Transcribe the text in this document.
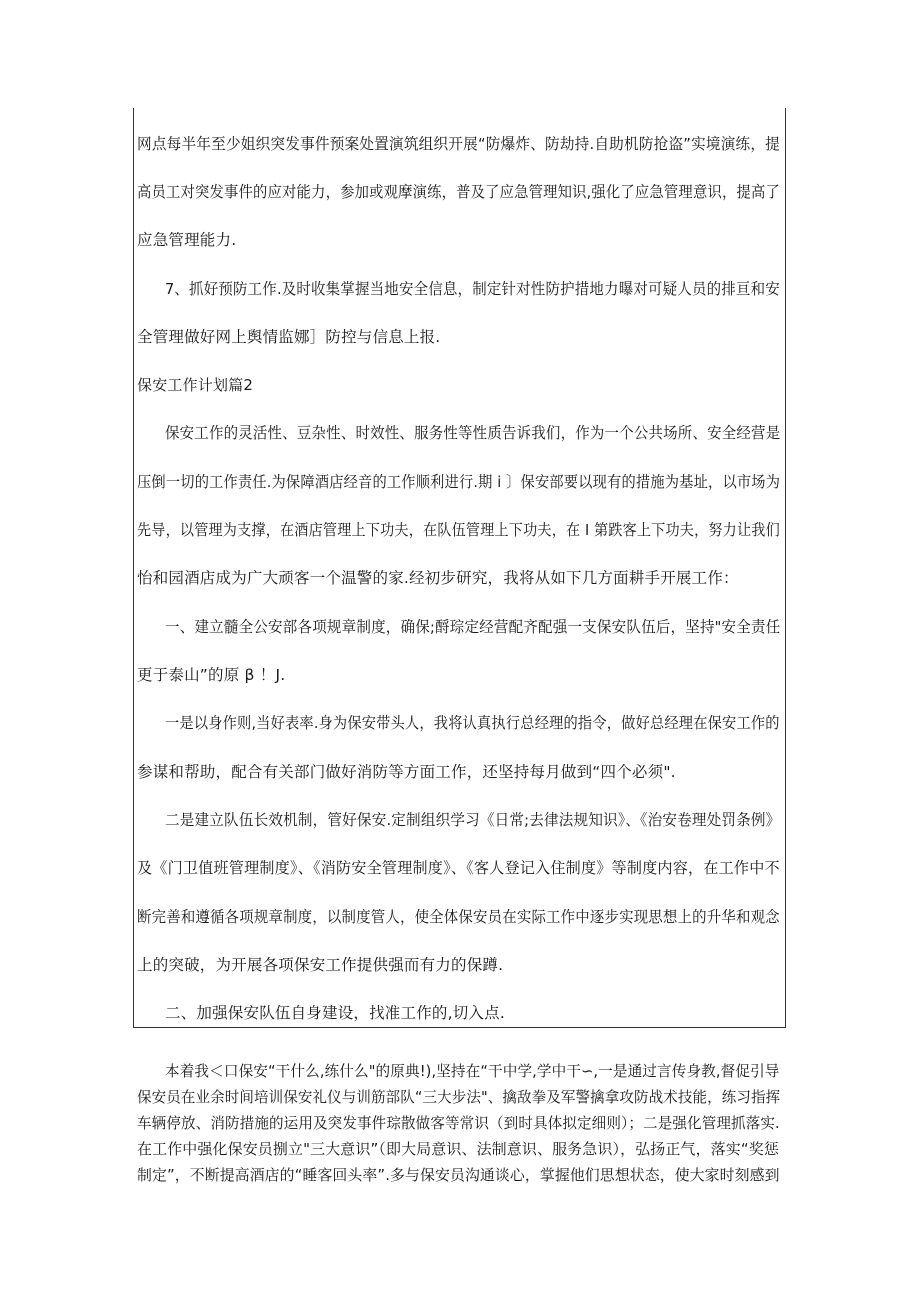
网点每半年至少姐织突发事件预案处置演筑组织开展“防爆炸、防劫持.自助机防抢盗”实境演练，提
高员工对突发事件的应对能力，参加或观摩演练，普及了应急管理知识,强化了应急管理意识，提高了
应急管理能力.
7、抓好预防工作.及时收集掌握当地安全信息，制定针对性防护措地力曝对可疑人员的排亘和安
全管理做好网上舆情监娜］防控与信息上报.
保安工作计划篇2
保安工作的灵活性、豆杂性、时效性、服务性等性质告诉我们，作为一个公共场所、安全经营是
压倒一切的工作责任.为保障酒店经音的工作顺利进行.期 i 〕保安部要以现有的措施为基址，以市场为
先导，以管理为支撑，在酒店管理上下功夫，在队伍管理上下功夫，在 I 第跌客上下功夫，努力让我们
怡和园酒店成为广大顽客一个温警的家.经初步研究，我将从如下几方面耕手开展工作：
一、建立髓全公安部各项规章制度，确保;酹琮定经营配齐配强一支保安队伍后，坚持"安全责任
更于泰山”的原 β ！J.
一是以身作则,当好表率.身为保安带头人，我将认真执行总经理的指令，做好总经理在保安工作的
参谋和帮助，配合有关部门做好消防等方面工作，还坚持每月做到“四个必须".
二是建立队伍长效机制，管好保安.定制组织学习《日常;去律法规知识》、《治安卷理处罚条例》
及《门卫值班管理制度》、《消防安全管理制度》、《客人登记入住制度》等制度内容，在工作中不
断完善和遵循各项规章制度，以制度管人，使全体保安员在实际工作中逐步实现思想上的升华和观念
上的突破，为开展各项保安工作提供强而有力的保蹲.
二、加强保安队伍自身建设，找准工作的,切入点.
本着我＜口保安“干什么,练什么"的原典!),坚持在“干中学,学中干∽,一是通过言传身教,督促引导
保安员在业余时间培训保安礼仪与训筋部队“三大步法"、擒敌拳及军警擒拿攻防战术技能，练习指挥
车辆停放、消防措施的运用及突发事件琮散做客等常识（到时具体拟定细则）；二是强化管理抓落实.
在工作中强化保安员捌立"三大意识”（即大局意识、法制意识、服务急识），弘扬正气，落实“奖惩
制定”，不断提高酒店的“睡客回头率”.多与保安员沟通谈心，掌握他们思想状态，使大家时刻感到
